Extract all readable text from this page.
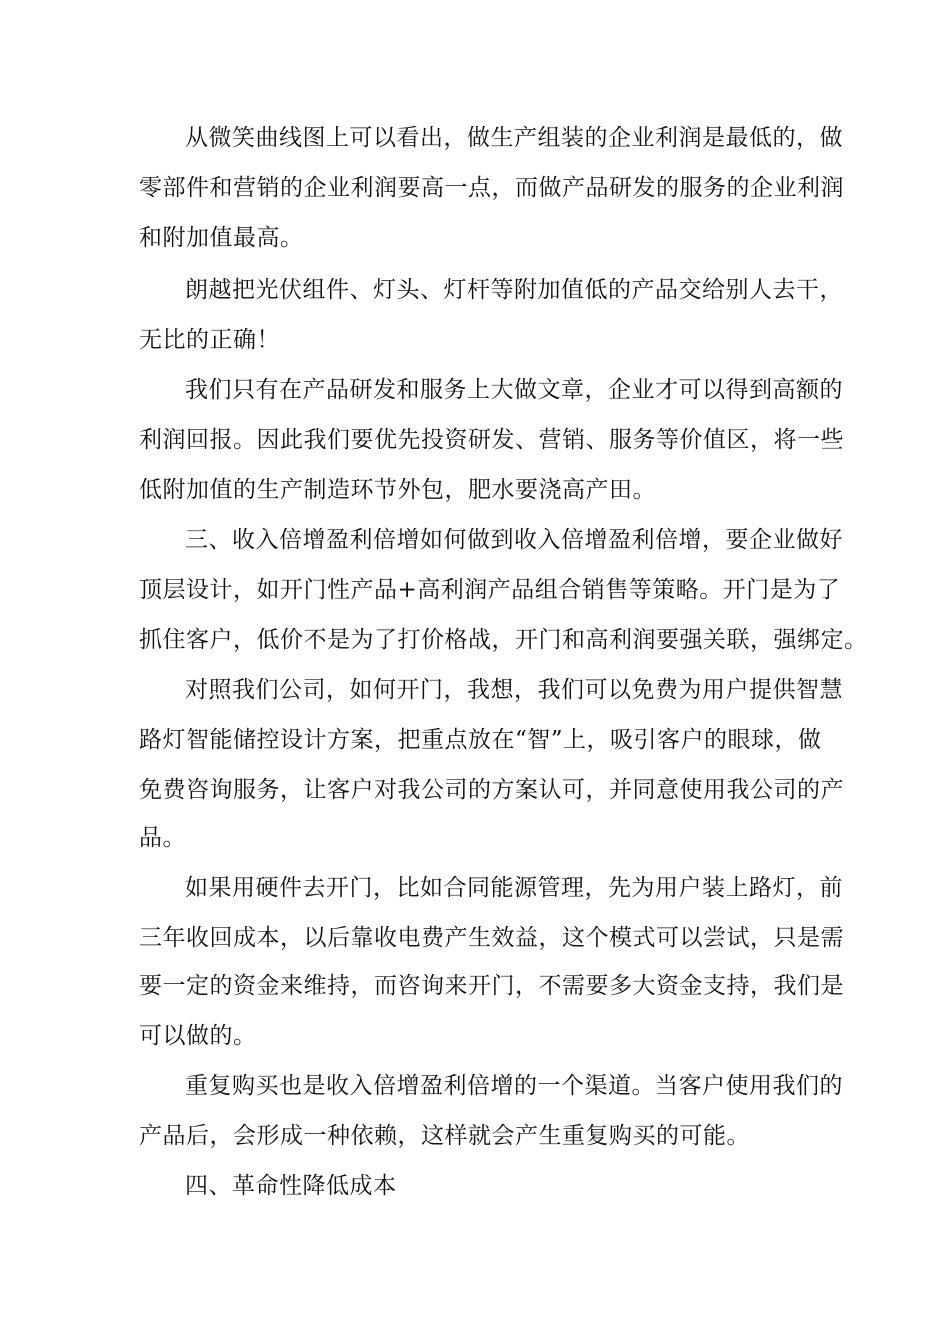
从微笑曲线图上可以看出，做生产组装的企业利润是最低的，做
零部件和营销的企业利润要高一点，而做产品研发的服务的企业利润
和附加值最高。
朗越把光伏组件、灯头、灯杆等附加值低的产品交给别人去干，
无比的正确！
我们只有在产品研发和服务上大做文章，企业才可以得到高额的
利润回报。因此我们要优先投资研发、营销、服务等价值区，将一些
低附加值的生产制造环节外包，肥水要浇高产田。
三、收入倍增盈利倍增如何做到收入倍增盈利倍增，要企业做好
顶层设计，如开门性产品+高利润产品组合销售等策略。开门是为了
抓住客户，低价不是为了打价格战，开门和高利润要强关联，强绑定。
对照我们公司，如何开门，我想，我们可以免费为用户提供智慧
路灯智能储控设计方案，把重点放在“智”上，吸引客户的眼球，做
免费咨询服务，让客户对我公司的方案认可，并同意使用我公司的产
品。
如果用硬件去开门，比如合同能源管理，先为用户装上路灯，前
三年收回成本，以后靠收电费产生效益，这个模式可以尝试，只是需
要一定的资金来维持，而咨询来开门，不需要多大资金支持，我们是
可以做的。
重复购买也是收入倍增盈利倍增的一个渠道。当客户使用我们的
产品后，会形成一种依赖，这样就会产生重复购买的可能。
四、革命性降低成本
